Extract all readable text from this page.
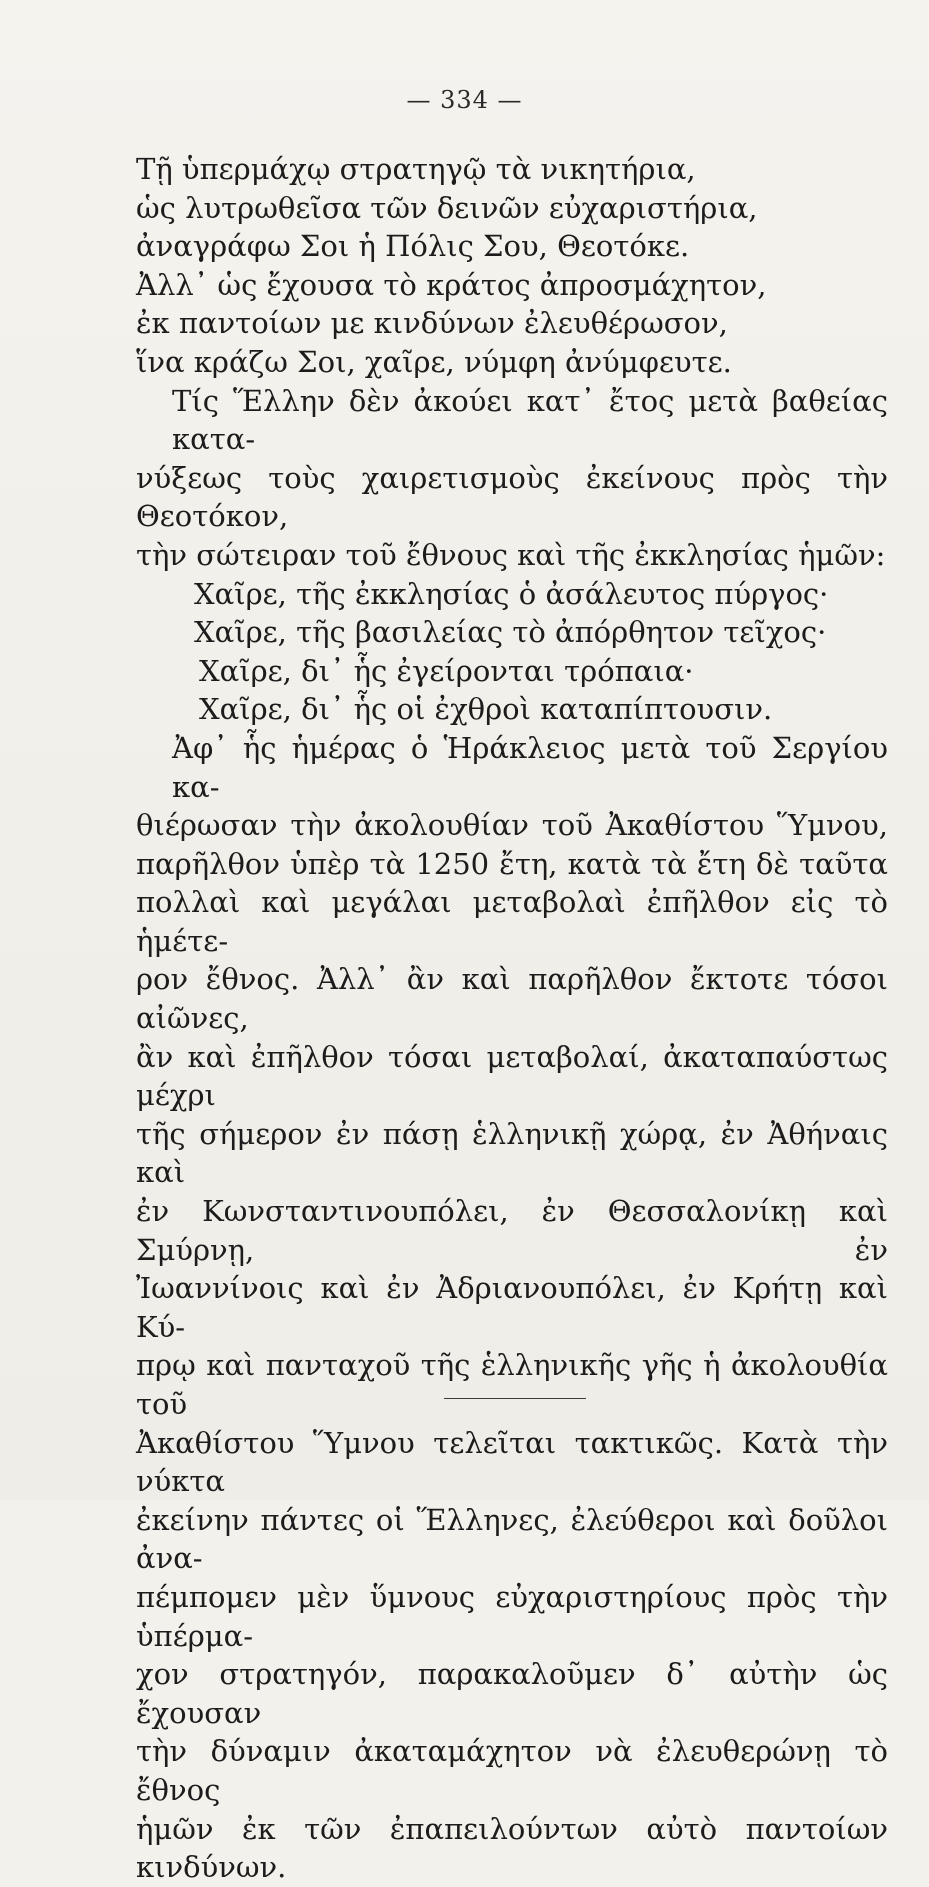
— 334 —
Τῇ ὑπερμάχῳ στρατηγῷ τὰ νικητήρια,
ὡς λυτρωθεῖσα τῶν δεινῶν εὐχαριστήρια,
ἀναγράφω Σοι ἡ Πόλις Σου, Θεοτόκε.
Ἀλλ᾽ ὡς ἔχουσα τὸ κράτος ἀπροσμάχητον,
ἐκ παντοίων με κινδύνων ἐλευθέρωσον,
ἵνα κράζω Σοι, χαῖρε, νύμφη ἀνύμφευτε.
Τίς Ἕλλην δὲν ἀκούει κατ᾽ ἔτος μετὰ βαθείας κατα-
νύξεως τοὺς χαιρετισμοὺς ἐκείνους πρὸς τὴν Θεοτόκον,
τὴν σώτειραν τοῦ ἔθνους καὶ τῆς ἐκκλησίας ἡμῶν:
Χαῖρε, τῆς ἐκκλησίας ὁ ἀσάλευτος πύργος·
Χαῖρε, τῆς βασιλείας τὸ ἀπόρθητον τεῖχος·
Χαῖρε, δι᾽ ἧς ἐγείρονται τρόπαια·
Χαῖρε, δι᾽ ἧς οἱ ἐχθροὶ καταπίπτουσιν.
Ἀφ᾽ ἧς ἡμέρας ὁ Ἡράκλειος μετὰ τοῦ Σεργίου κα-
θιέρωσαν τὴν ἀκολουθίαν τοῦ Ἀκαθίστου Ὕμνου,
παρῆλθον ὑπὲρ τὰ 1250 ἔτη, κατὰ τὰ ἔτη δὲ ταῦτα
πολλαὶ καὶ μεγάλαι μεταβολαὶ ἐπῆλθον εἰς τὸ ἡμέτε-
ρον ἔθνος. Ἀλλ᾽ ἂν καὶ παρῆλθον ἔκτοτε τόσοι αἰῶνες,
ἂν καὶ ἐπῆλθον τόσαι μεταβολαί, ἀκαταπαύστως μέχρι
τῆς σήμερον ἐν πάσῃ ἑλληνικῇ χώρᾳ, ἐν Ἀθήναις καὶ
ἐν Κωνσταντινουπόλει, ἐν Θεσσαλονίκῃ καὶ Σμύρνῃ, ἐν
Ἰωαννίνοις καὶ ἐν Ἀδριανουπόλει, ἐν Κρήτῃ καὶ Κύ-
πρῳ καὶ πανταχοῦ τῆς ἑλληνικῆς γῆς ἡ ἀκολουθία τοῦ
Ἀκαθίστου Ὕμνου τελεῖται τακτικῶς. Κατὰ τὴν νύκτα
ἐκείνην πάντες οἱ Ἕλληνες, ἐλεύθεροι καὶ δοῦλοι ἀνα-
πέμπομεν μὲν ὕμνους εὐχαριστηρίους πρὸς τὴν ὑπέρμα-
χον στρατηγόν, παρακαλοῦμεν δ᾽ αὐτὴν ὡς ἔχουσαν
τὴν δύναμιν ἀκαταμάχητον νὰ ἐλευθερώνῃ τὸ ἔθνος
ἡμῶν ἐκ τῶν ἐπαπειλούντων αὐτὸ παντοίων κινδύνων.
